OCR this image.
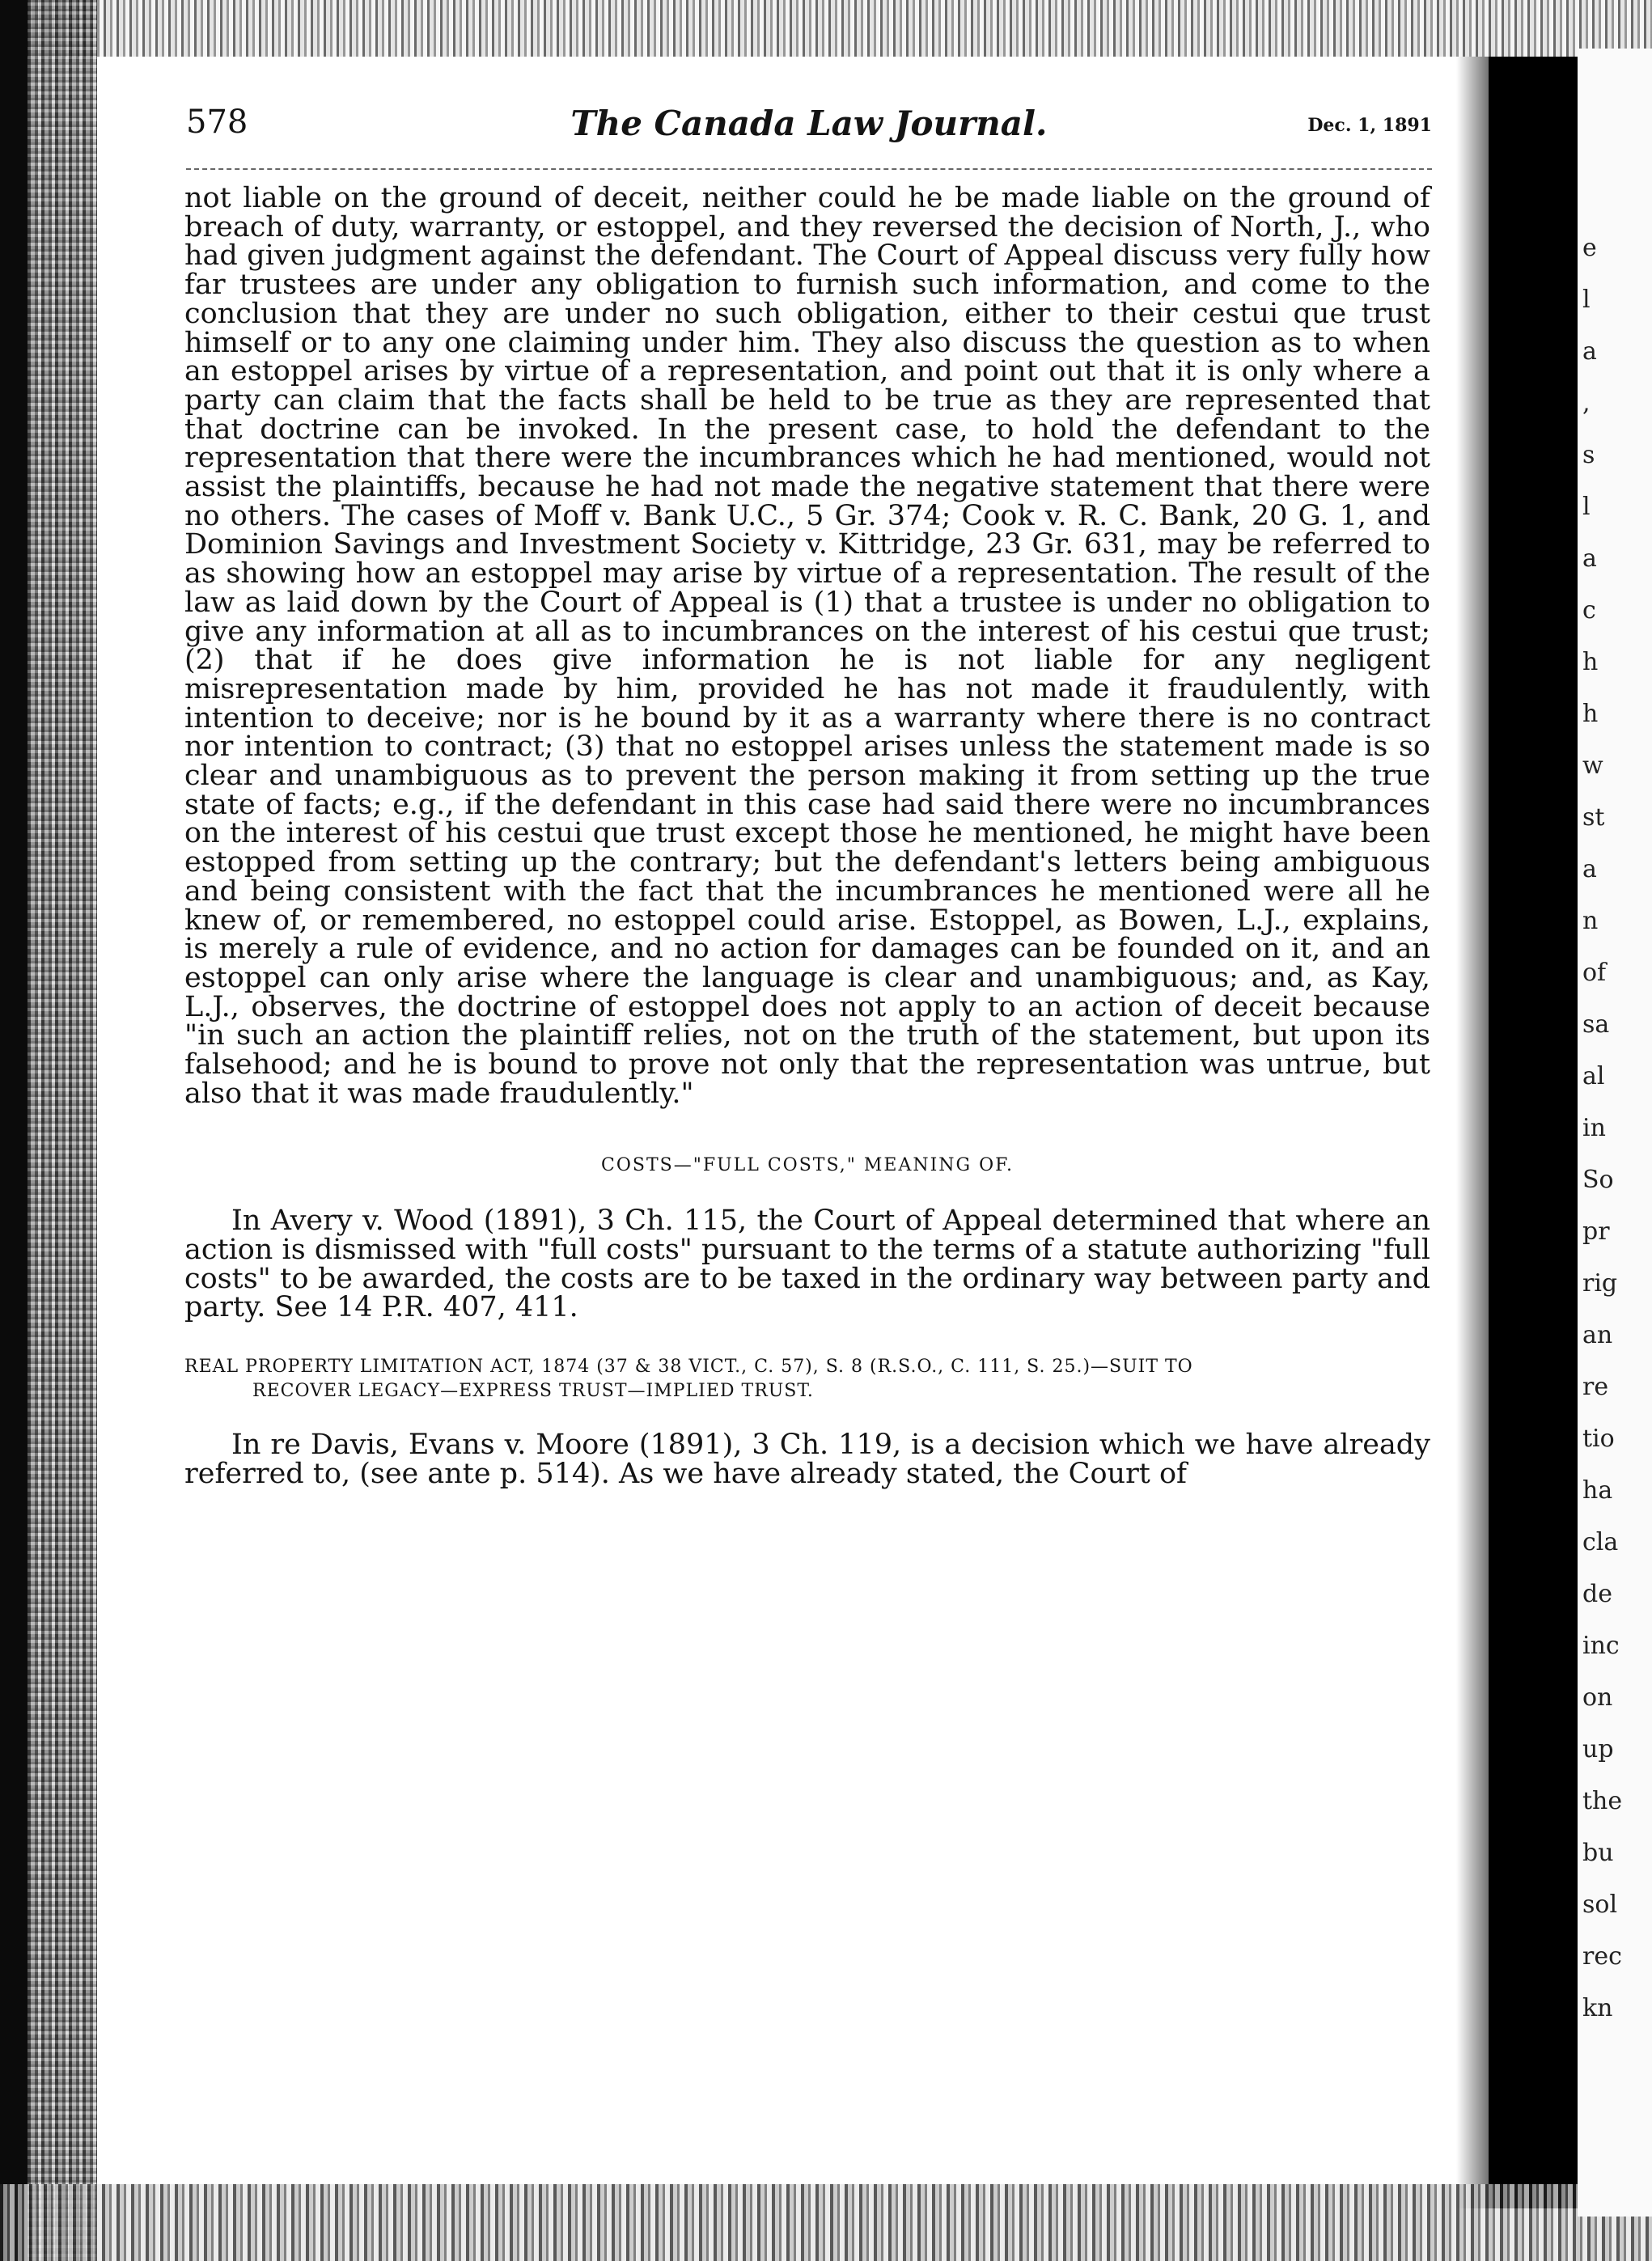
e
l
a
,
s
l
a
c
h
h
w
st
a
n
of
sa
al
in
So
pr
rig
an
re
tio
ha
cla
de
inc
on
up
the
bu
sol
rec
kn
578	The Canada Law Journal.	Dec. 1, 1891

not liable on the ground of deceit, neither could he be made liable on the ground of breach of duty, warranty, or estoppel, and they reversed the decision of North, J., who had given judgment against the defendant. The Court of Appeal discuss very fully how far trustees are under any obligation to furnish such information, and come to the conclusion that they are under no such obligation, either to their cestui que trust himself or to any one claiming under him. They also discuss the question as to when an estoppel arises by virtue of a representation, and point out that it is only where a party can claim that the facts shall be held to be true as they are represented that that doctrine can be invoked. In the present case, to hold the defendant to the representation that there were the incumbrances which he had mentioned, would not assist the plaintiffs, because he had not made the negative statement that there were no others. The cases of Moff v. Bank U.C., 5 Gr. 374; Cook v. R. C. Bank, 20 G. 1, and Dominion Savings and Investment Society v. Kittridge, 23 Gr. 631, may be referred to as showing how an estoppel may arise by virtue of a representation. The result of the law as laid down by the Court of Appeal is (1) that a trustee is under no obligation to give any information at all as to incumbrances on the interest of his cestui que trust; (2) that if he does give information he is not liable for any negligent misrepresentation made by him, provided he has not made it fraudulently, with intention to deceive; nor is he bound by it as a warranty where there is no contract nor intention to contract; (3) that no estoppel arises unless the statement made is so clear and unambiguous as to prevent the person making it from setting up the true state of facts; e.g., if the defendant in this case had said there were no incumbrances on the interest of his cestui que trust except those he mentioned, he might have been estopped from setting up the contrary; but the defendant's letters being ambiguous and being consistent with the fact that the incumbrances he mentioned were all he knew of, or remembered, no estoppel could arise. Estoppel, as Bowen, L.J., explains, is merely a rule of evidence, and no action for damages can be founded on it, and an estoppel can only arise where the language is clear and unambiguous; and, as Kay, L.J., observes, the doctrine of estoppel does not apply to an action of deceit because "in such an action the plaintiff relies, not on the truth of the statement, but upon its falsehood; and he is bound to prove not only that the representation was untrue, but also that it was made fraudulently."

COSTS—"FULL COSTS," MEANING OF.

In Avery v. Wood (1891), 3 Ch. 115, the Court of Appeal determined that where an action is dismissed with "full costs" pursuant to the terms of a statute authorizing "full costs" to be awarded, the costs are to be taxed in the ordinary way between party and party. See 14 P.R. 407, 411.

REAL PROPERTY LIMITATION ACT, 1874 (37 & 38 VICT., C. 57), S. 8 (R.S.O., C. 111, S. 25.)—SUIT TO
RECOVER LEGACY—EXPRESS TRUST—IMPLIED TRUST.

In re Davis, Evans v. Moore (1891), 3 Ch. 119, is a decision which we have already referred to, (see ante p. 514). As we have already stated, the Court of
